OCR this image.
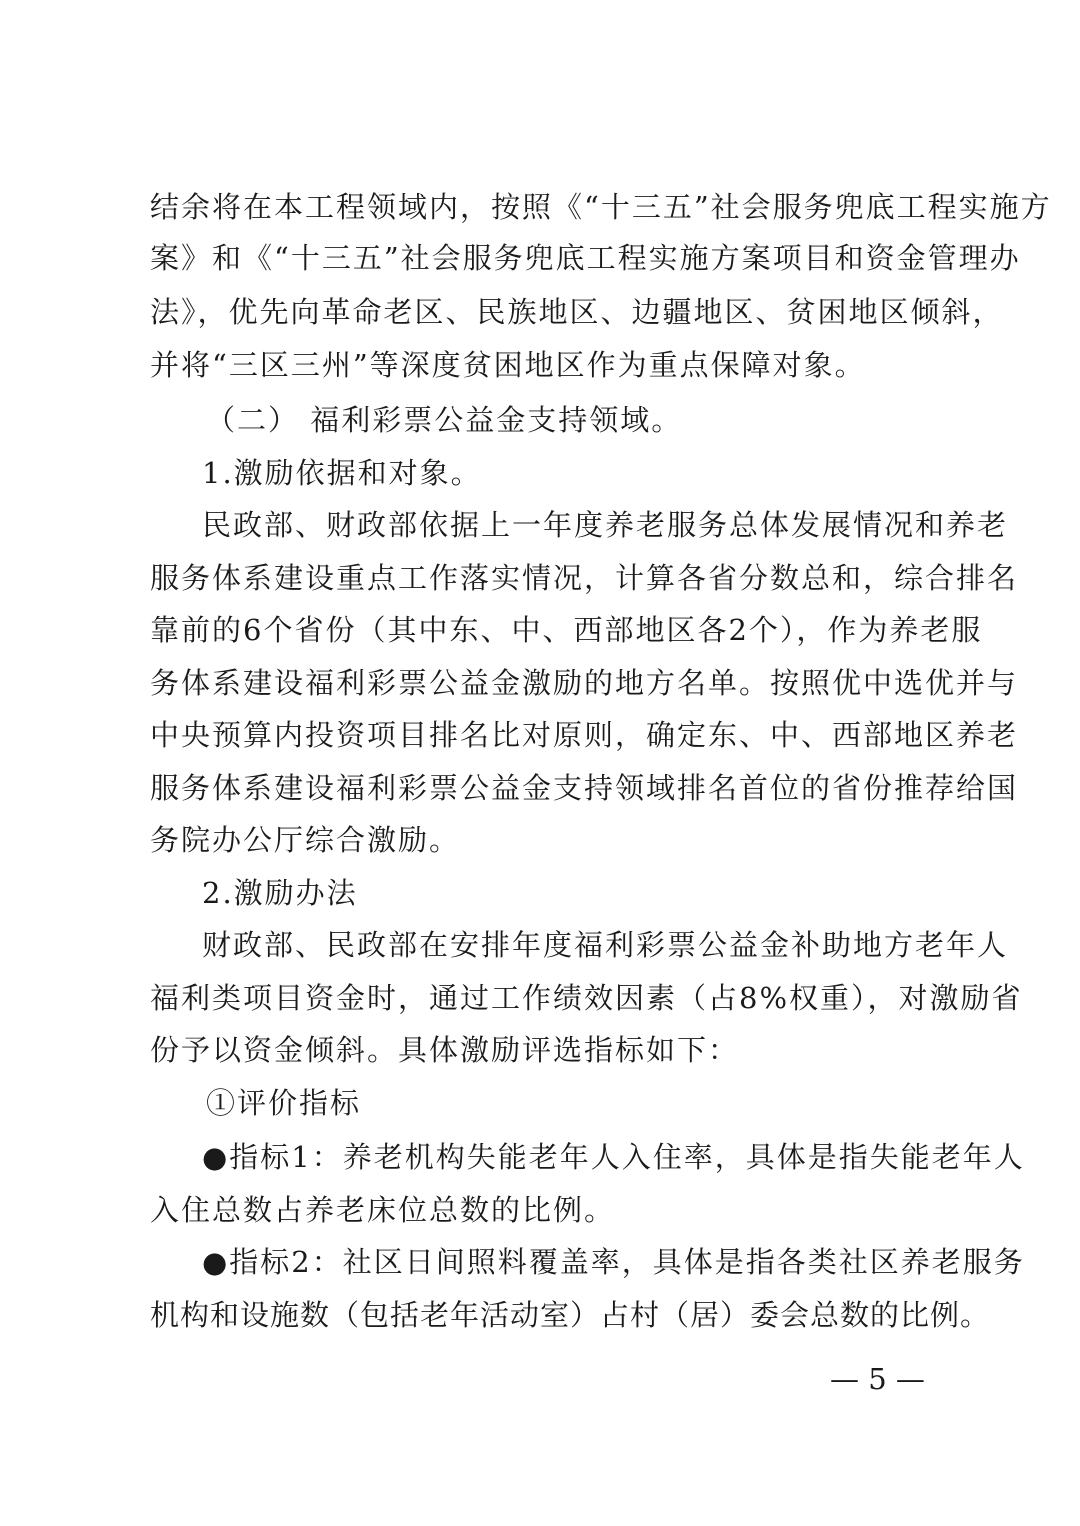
结余将在本工程领域内，按照《“十三五”社会服务兜底工程实施方
案》和《“十三五”社会服务兜底工程实施方案项目和资金管理办
法》，优先向革命老区、民族地区、边疆地区、贫困地区倾斜，
并将“三区三州”等深度贫困地区作为重点保障对象。
（二） 福利彩票公益金支持领域。
1.激励依据和对象。
民政部、财政部依据上一年度养老服务总体发展情况和养老
服务体系建设重点工作落实情况，计算各省分数总和，综合排名
靠前的6个省份（其中东、中、西部地区各2个），作为养老服
务体系建设福利彩票公益金激励的地方名单。按照优中选优并与
中央预算内投资项目排名比对原则，确定东、中、西部地区养老
服务体系建设福利彩票公益金支持领域排名首位的省份推荐给国
务院办公厅综合激励。
2.激励办法
财政部、民政部在安排年度福利彩票公益金补助地方老年人
福利类项目资金时，通过工作绩效因素（占8%权重），对激励省
份予以资金倾斜。具体激励评选指标如下：
①评价指标
●指标1：养老机构失能老年人入住率，具体是指失能老年人
入住总数占养老床位总数的比例。
●指标2：社区日间照料覆盖率，具体是指各类社区养老服务
机构和设施数（包括老年活动室）占村（居）委会总数的比例。
— 5 —
